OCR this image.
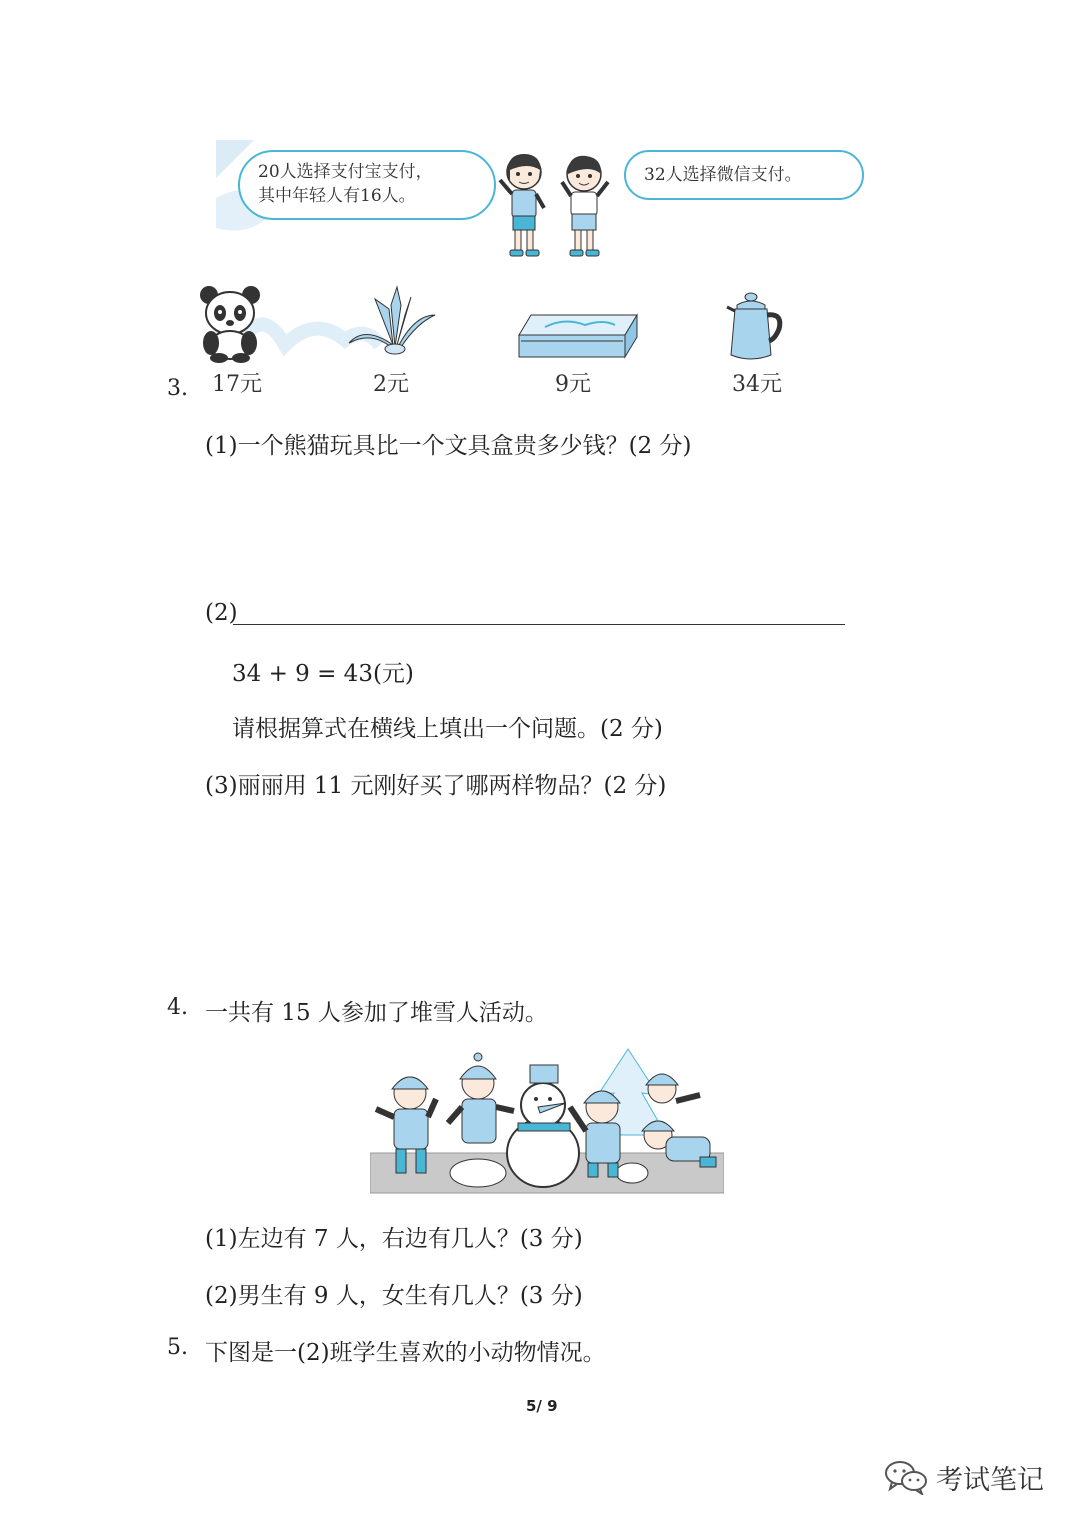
20人选择支付宝支付，
其中年轻人有16人。
32人选择微信支付。
17元	2元	9元	34元
3.
(1)一个熊猫玩具比一个文具盒贵多少钱？(2 分)
(2)
34 + 9 = 43(元)
请根据算式在横线上填出一个问题。(2 分)
(3)丽丽用 11 元刚好买了哪两样物品？(2 分)
4. 一共有 15 人参加了堆雪人活动。
(1)左边有 7 人，右边有几人？(3 分)
(2)男生有 9 人，女生有几人？(3 分)
5. 下图是一(2)班学生喜欢的小动物情况。
5/ 9
考试笔记
